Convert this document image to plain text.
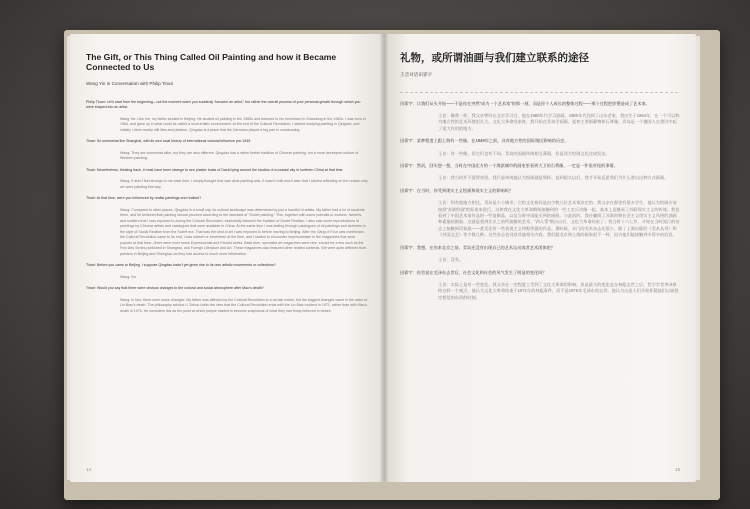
The Gift, or This Thing Called Oil Painting and how it Became Connected to Us
Wang Yin in Conversation with Philip Tinari
Philip Tinari: Let’s start from the beginning—not the moment when you suddenly “became an artist,” but rather the overall process of your personal growth through which you were shaped into an artist.
Wang Yin: Like me, my father studied in Beijing. He studied oil painting in the 1960s and returned to his hometown in Shandong in the 1960s. I was born in 1964, and grew up in what could be called a local artistic environment. At the end of the Cultural Revolution, I started studying painting in Qingdao, and initially I drew mostly still lifes and plasters. Qingdao is a place that the Germans played a big part in constructing.
Tinari: So somewhat like Shanghai, with its own local history of international colonial influence pre-1949.
Wang: They are somewhat alike, but they are also different. Qingdao has a rather feeble tradition of Chinese painting, but a more developed culture of Western painting.
Tinari: Nevertheless, thinking back, it must have been strange to see plaster busts of David lying around the studios of a coastal city in northern China at that time.
Wang: It didn’t feel strange to me back then. I simply thought that was what painting was. It wasn’t until much later that I started reflecting on the reason why we were painting this way.
Tinari: At that time, were you influenced by realist paintings and realism?
Wang: Compared to other places, Qingdao is a small city; its cultural landscape was determined by just a handful of artists. My father had a lot of students there, and he believed that painting should proceed according to the standard of “Soviet painting.” This, together with some portraits of workers, farmers, and soldiers that I was exposed to during the Cultural Revolution, essentially followed the tradition of Soviet Realism. I also saw some reproductions of paintings by Chinese artists and catalogues that were available in China. At the same time I was leafing through catalogues of oil paintings and sketches in the style of Social Realism from the Soviet era. That was the kind of art I was exposed to before moving to Beijing. After the Gang of Four was overthrown, the Cultural Revolution came to its end; I was sixteen or seventeen at the time, and I started to encounter Impressionism in the magazines that were popular at that time—there were even some Expressionist and Fauvist works. Back then, specialist art magazines were rare, except for a few such as the Fine Arts Series published in Shanghai, and Foreign Literature and Art. These magazines also featured other related contents. We were quite different from painters in Beijing and Shanghai, as they had access to much more information.
Tinari: Before you came to Beijing, I suppose Qingdao hadn’t yet given rise to its own artistic movements or collectives?
Wang: No.
Tinari: Would you say that there were obvious changes to the cultural and social atmosphere after Mao’s death?
Wang: In fact, there were some changes. My father was affected by the Cultural Revolution to a certain extent, but the biggest changes came in the wake of Lin Biao’s death. The philosophy scholar Li Zehou holds the view that the Cultural Revolution ends with the Lin Biao incident in 1971, rather than with Mao’s death in 1976. He considers this as the point at which people started to become suspicious of what they had firmly believed in before.
14
礼物，或所谓油画与我们建立联系的途径
王音对话田霏宇
田霏宇：让我们从头开始——不是你在突然“成为一个艺术家”的那一刻，而是你个人成长的整体过程——那个过程把你塑造成了艺术家。
王音：像我一样，我父亲曾经在北京学习过。他在1960年代学习油画，1960年代回到了山东老家。我出生于1964年，在一个可以称为地方性的艺术环境里长大。文化大革命结束时，我开始在青岛学画画，起初主要画静物和石膏像。青岛是一个德国人在建设中起了很大作用的地方。
田霏宇：某种程度上跟上海有一些像，在1949年之前，具有地方性的国际殖民影响的历史。
王音：有一些像，但它们也有不同。青岛的国画传统相当薄弱，但是西方绘画文化比较发达。
田霏宇：然而，回头想一想，当时在中国北方的一个海滨城市的画室里看到大卫的石膏像，一定是一件很奇怪的事情。
王音：我当时并不觉得奇怪。我只是单纯地认为绘画就是那样。直到很久以后，我才开始反思我们为什么要以这种方式画画。
田霏宇：在当时，你受到现实主义绘画和现实主义的影响吗？
王音：和其他地方相比，青岛是个小城市；它的文化格局是由少数几位艺术家决定的。我父亲在那里有很多学生，他认为绘画应该按照“苏联绘画”的标准来进行。这和我在文化大革命期间接触到的一些工农兵肖像一起，基本上是继承了苏联现实主义的传统。我也看到了中国艺术家作品的一些复制品，以及当时中国能买到的画册。与此同时，我还翻阅了苏联时期社会主义现实主义风格的油画和素描的画册。这就是我到北京之前所接触的艺术。“四人帮”倒台以后，文化大革命结束了；我当时十六七岁，开始在当时流行的杂志上接触到印象派——甚至还有一些表现主义和野兽派的作品。那时候，专门的美术杂志还很少，除了上海出版的《美术丛刊》和《外国文艺》等少数几种。这些杂志也刊登其他相关内容。我们跟北京和上海的画家很不一样，因为他们能接触到多得多的信息。
田霏宇：我想，在你来北京之前，青岛还没有出现自己的艺术运动或者艺术团体吧？
王音：没有。
田霏宇：你会说在毛泽东去世后，社会文化和社会的风气发生了明显的变化吗？
王音：实际上是有一些变化。我父亲在一定程度上受到了文化大革命的影响，但是最大的变化是在林彪去世之后。哲学学者李泽厚持这样一个观点，他认为文化大革命结束于1971年的林彪事件，而不是1976年毛泽东的去世。他认为这是人们开始怀疑他们以前坚定相信的东西的时刻。
15
